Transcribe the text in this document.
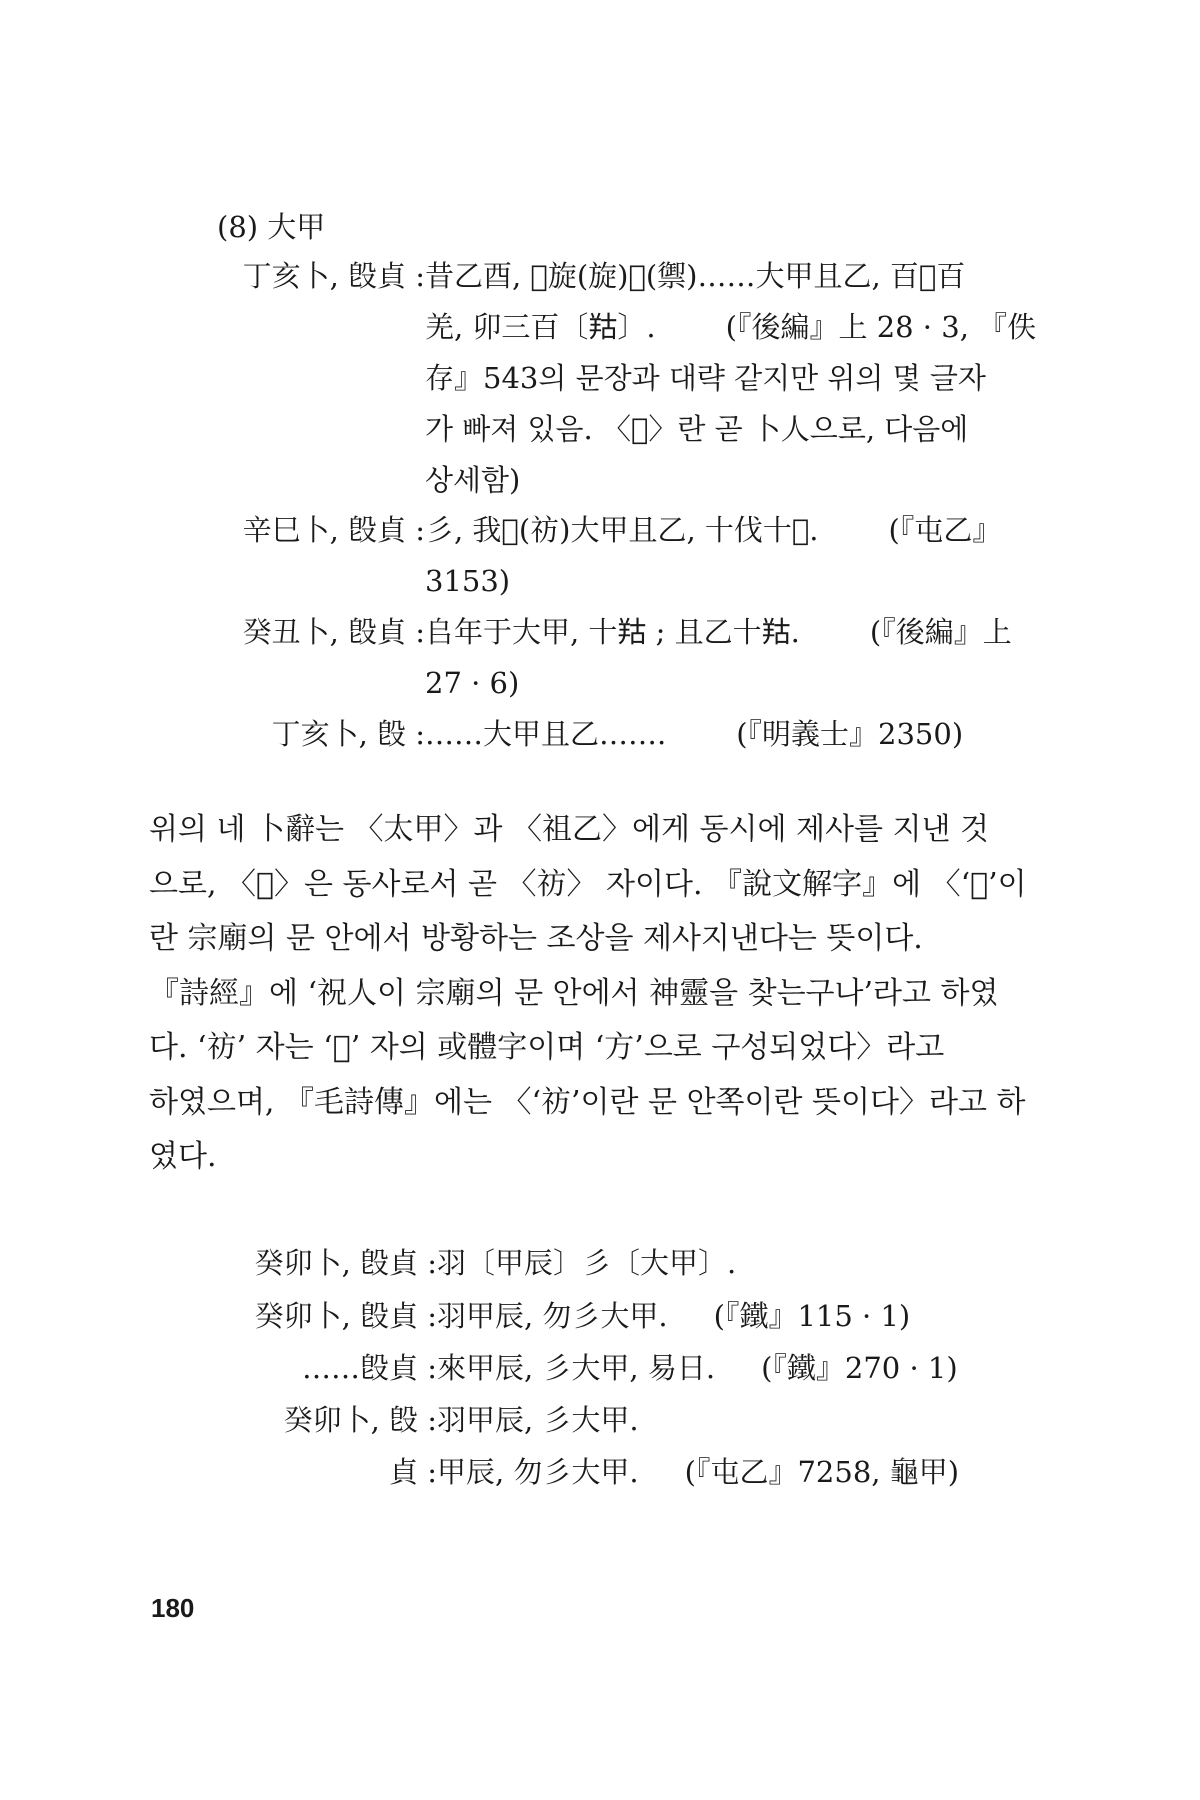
(8) 大甲
丁亥卜, 𣪘貞 : 昔乙酉, 𦉶旋(旋)𨚔(禦)……大甲且乙, 百𨋽百
羌, 卯三百〔𦍩〕. (『後編』上 28 · 3, 『佚
存』543의 문장과 대략 같지만 위의 몇 글자
가 빠져 있음. 〈𦉶〉란 곧 卜人으로, 다음에
상세함)
辛巳卜, 𣪘貞 : 彡, 我𠃚(祊)大甲且乙, 十伐十𦍩. (『屯乙』
3153)
癸丑卜, 𣪘貞 : 𠂤年于大甲, 十𦍩 ; 且乙十𦍩. (『後編』上
27 · 6)
丁亥卜, 𣪘 : ……大甲且乙……. (『明義士』2350)
위의 네 卜辭는 〈太甲〉과 〈祖乙〉에게 동시에 제사를 지낸 것
으로, 〈𠃚〉은 동사로서 곧 〈祊〉 자이다. 『說文解字』에 〈‘𩬊’이
란 宗廟의 문 안에서 방황하는 조상을 제사지낸다는 뜻이다.
『詩經』에 ‘祝人이 宗廟의 문 안에서 神靈을 찾는구나’라고 하였
다. ‘祊’ 자는 ‘𩬊’ 자의 或體字이며 ‘方’으로 구성되었다〉라고
하였으며, 『毛詩傳』에는 〈‘祊’이란 문 안쪽이란 뜻이다〉라고 하
였다.
癸卯卜, 𣪘貞 : 羽〔甲辰〕彡〔大甲〕.
癸卯卜, 𣪘貞 : 羽甲辰, 勿彡大甲. (『鐵』115 · 1)
……𣪘貞 : 來甲辰, 彡大甲, 易日. (『鐵』270 · 1)
癸卯卜, 𣪘 : 羽甲辰, 彡大甲.
貞 : 甲辰, 勿彡大甲. (『屯乙』7258, 龜甲)
180
